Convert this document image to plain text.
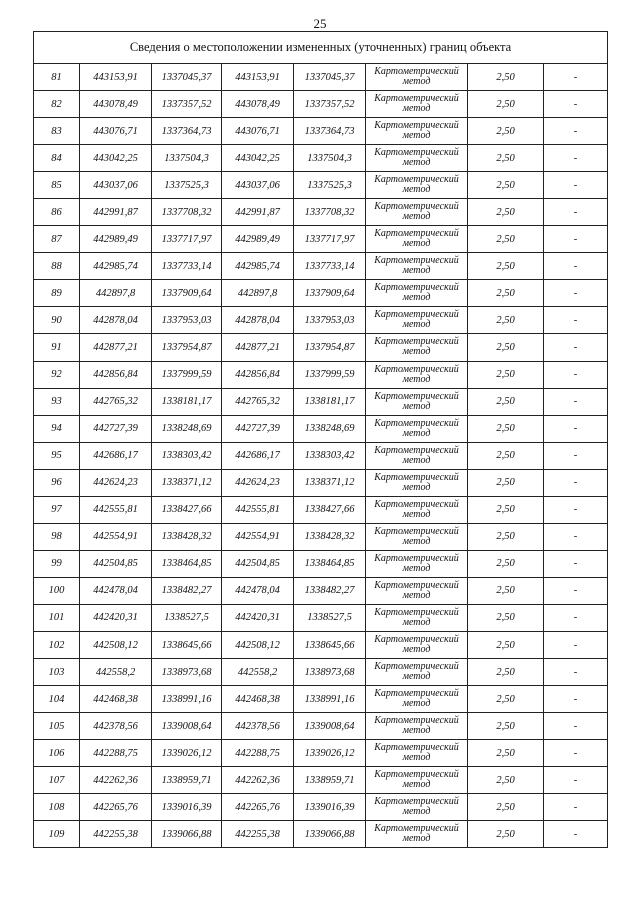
25
Сведения о местоположении измененных (уточненных) границ объекта							
81	443153,91	1337045,37	443153,91	1337045,37	Картометрический метод	2,50	-
82	443078,49	1337357,52	443078,49	1337357,52	Картометрический метод	2,50	-
83	443076,71	1337364,73	443076,71	1337364,73	Картометрический метод	2,50	-
84	443042,25	1337504,3	443042,25	1337504,3	Картометрический метод	2,50	-
85	443037,06	1337525,3	443037,06	1337525,3	Картометрический метод	2,50	-
86	442991,87	1337708,32	442991,87	1337708,32	Картометрический метод	2,50	-
87	442989,49	1337717,97	442989,49	1337717,97	Картометрический метод	2,50	-
88	442985,74	1337733,14	442985,74	1337733,14	Картометрический метод	2,50	-
89	442897,8	1337909,64	442897,8	1337909,64	Картометрический метод	2,50	-
90	442878,04	1337953,03	442878,04	1337953,03	Картометрический метод	2,50	-
91	442877,21	1337954,87	442877,21	1337954,87	Картометрический метод	2,50	-
92	442856,84	1337999,59	442856,84	1337999,59	Картометрический метод	2,50	-
93	442765,32	1338181,17	442765,32	1338181,17	Картометрический метод	2,50	-
94	442727,39	1338248,69	442727,39	1338248,69	Картометрический метод	2,50	-
95	442686,17	1338303,42	442686,17	1338303,42	Картометрический метод	2,50	-
96	442624,23	1338371,12	442624,23	1338371,12	Картометрический метод	2,50	-
97	442555,81	1338427,66	442555,81	1338427,66	Картометрический метод	2,50	-
98	442554,91	1338428,32	442554,91	1338428,32	Картометрический метод	2,50	-
99	442504,85	1338464,85	442504,85	1338464,85	Картометрический метод	2,50	-
100	442478,04	1338482,27	442478,04	1338482,27	Картометрический метод	2,50	-
101	442420,31	1338527,5	442420,31	1338527,5	Картометрический метод	2,50	-
102	442508,12	1338645,66	442508,12	1338645,66	Картометрический метод	2,50	-
103	442558,2	1338973,68	442558,2	1338973,68	Картометрический метод	2,50	-
104	442468,38	1338991,16	442468,38	1338991,16	Картометрический метод	2,50	-
105	442378,56	1339008,64	442378,56	1339008,64	Картометрический метод	2,50	-
106	442288,75	1339026,12	442288,75	1339026,12	Картометрический метод	2,50	-
107	442262,36	1338959,71	442262,36	1338959,71	Картометрический метод	2,50	-
108	442265,76	1339016,39	442265,76	1339016,39	Картометрический метод	2,50	-
109	442255,38	1339066,88	442255,38	1339066,88	Картометрический метод	2,50	-
